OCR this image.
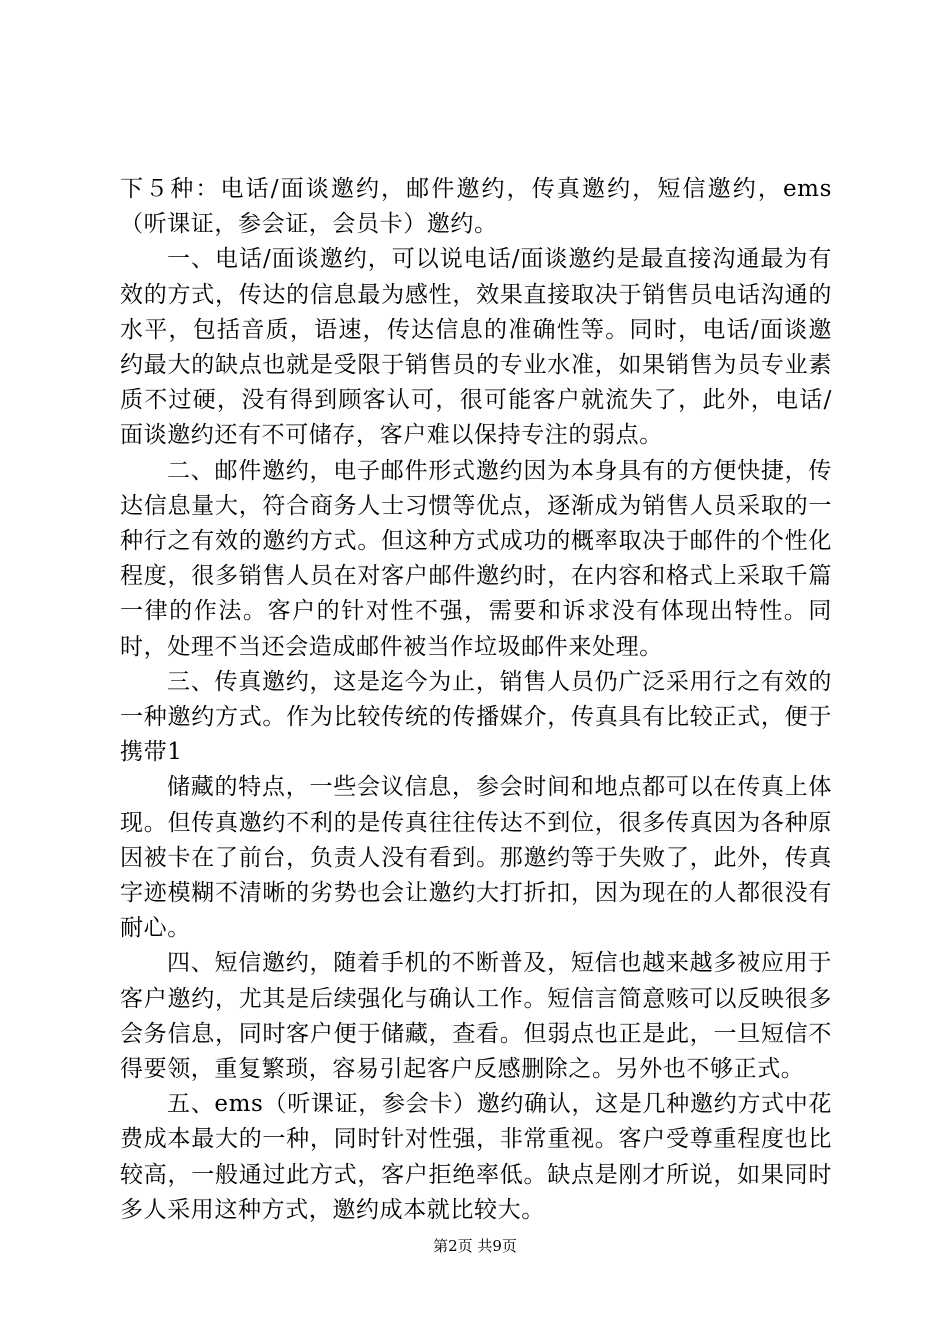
下５种：电话/面谈邀约，邮件邀约，传真邀约，短信邀约，ems（听课证，参会证，会员卡）邀约。

一、电话/面谈邀约，可以说电话/面谈邀约是最直接沟通最为有效的方式，传达的信息最为感性，效果直接取决于销售员电话沟通的水平，包括音质，语速，传达信息的准确性等。同时，电话/面谈邀约最大的缺点也就是受限于销售员的专业水准，如果销售为员专业素质不过硬，没有得到顾客认可，很可能客户就流失了，此外，电话/面谈邀约还有不可储存，客户难以保持专注的弱点。

二、邮件邀约，电子邮件形式邀约因为本身具有的方便快捷，传达信息量大，符合商务人士习惯等优点，逐渐成为销售人员采取的一种行之有效的邀约方式。但这种方式成功的概率取决于邮件的个性化程度，很多销售人员在对客户邮件邀约时，在内容和格式上采取千篇一律的作法。客户的针对性不强，需要和诉求没有体现出特性。同时，处理不当还会造成邮件被当作垃圾邮件来处理。

三、传真邀约，这是迄今为止，销售人员仍广泛采用行之有效的一种邀约方式。作为比较传统的传播媒介，传真具有比较正式，便于携带1

储藏的特点，一些会议信息，参会时间和地点都可以在传真上体现。但传真邀约不利的是传真往往传达不到位，很多传真因为各种原因被卡在了前台，负责人没有看到。那邀约等于失败了，此外，传真字迹模糊不清晰的劣势也会让邀约大打折扣，因为现在的人都很没有耐心。

四、短信邀约，随着手机的不断普及，短信也越来越多被应用于客户邀约，尤其是后续强化与确认工作。短信言简意赅可以反映很多会务信息，同时客户便于储藏，查看。但弱点也正是此，一旦短信不得要领，重复繁琐，容易引起客户反感删除之。另外也不够正式。

五、ems（听课证，参会卡）邀约确认，这是几种邀约方式中花费成本最大的一种，同时针对性强，非常重视。客户受尊重程度也比较高，一般通过此方式，客户拒绝率低。缺点是刚才所说，如果同时多人采用这种方式，邀约成本就比较大。

第2页 共9页
